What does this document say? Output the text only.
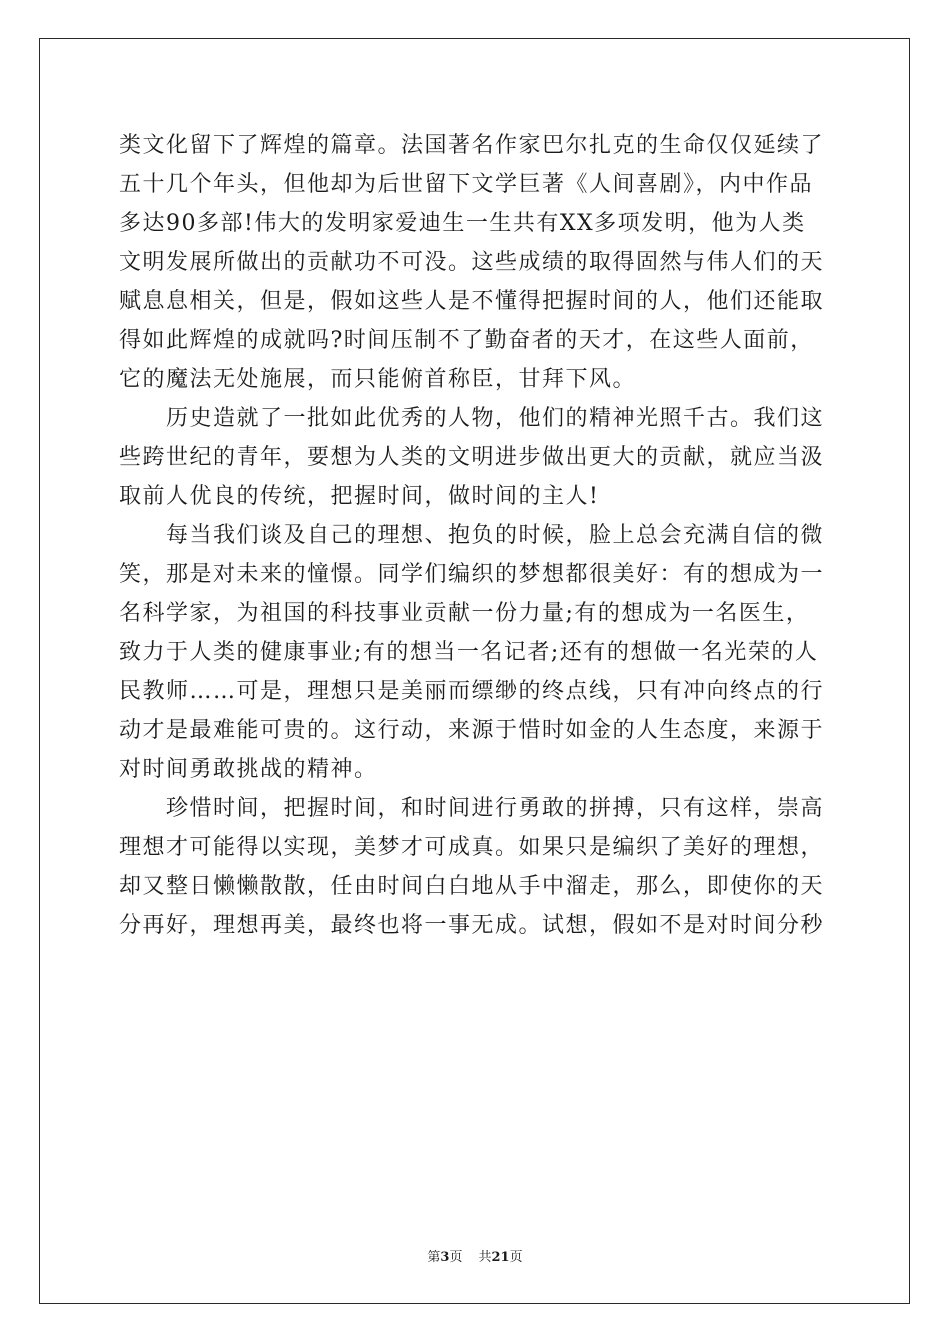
类文化留下了辉煌的篇章。法国著名作家巴尔扎克的生命仅仅延续了
五十几个年头，但他却为后世留下文学巨著《人间喜剧》，内中作品
多达90多部!伟大的发明家爱迪生一生共有XX多项发明，他为人类
文明发展所做出的贡献功不可没。这些成绩的取得固然与伟人们的天
赋息息相关，但是，假如这些人是不懂得把握时间的人，他们还能取
得如此辉煌的成就吗?时间压制不了勤奋者的天才，在这些人面前，
它的魔法无处施展，而只能俯首称臣，甘拜下风。
　　历史造就了一批如此优秀的人物，他们的精神光照千古。我们这
些跨世纪的青年，要想为人类的文明进步做出更大的贡献，就应当汲
取前人优良的传统，把握时间，做时间的主人!
　　每当我们谈及自己的理想、抱负的时候，脸上总会充满自信的微
笑，那是对未来的憧憬。同学们编织的梦想都很美好：有的想成为一
名科学家，为祖国的科技事业贡献一份力量;有的想成为一名医生，
致力于人类的健康事业;有的想当一名记者;还有的想做一名光荣的人
民教师……可是，理想只是美丽而缥缈的终点线，只有冲向终点的行
动才是最难能可贵的。这行动，来源于惜时如金的人生态度，来源于
对时间勇敢挑战的精神。
　　珍惜时间，把握时间，和时间进行勇敢的拼搏，只有这样，崇高
理想才可能得以实现，美梦才可成真。如果只是编织了美好的理想，
却又整日懒懒散散，任由时间白白地从手中溜走，那么，即使你的天
分再好，理想再美，最终也将一事无成。试想，假如不是对时间分秒
第3页 共21页
